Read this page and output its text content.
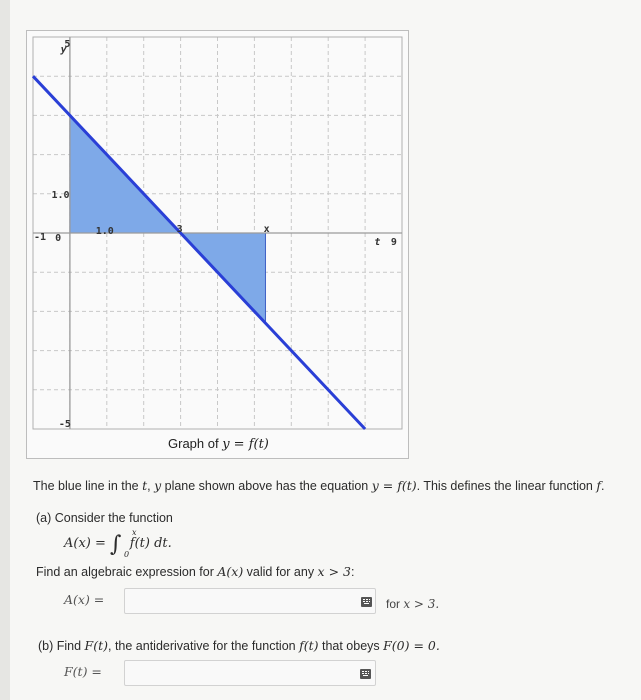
y
5
1.0
-1 0
1.0	3	x
t 9
-5
Graph of y = f(t)
The blue line in the t, y plane shown above has the equation y = f(t). This defines the linear function f.
(a) Consider the function
A(x) = ∫ x
0
f(t) dt.
Find an algebraic expression for A(x) valid for any x > 3:
A(x) =	for x > 3.
(b) Find F(t), the antiderivative for the function f(t) that obeys F(0) = 0.
F(t) =
